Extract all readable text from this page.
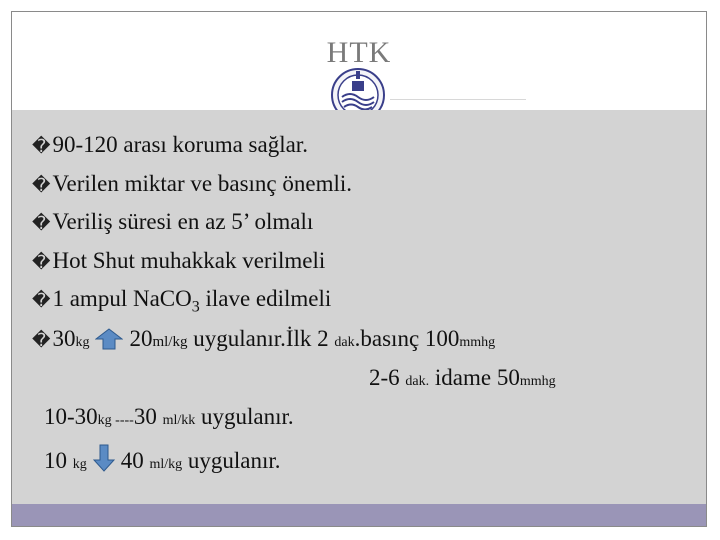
HTK
�90-120 arası koruma sağlar.
�Verilen miktar ve basınç önemli.
�Veriliş süresi en az 5’ olmalı
�Hot Shut muhakkak verilmeli
�1 ampul NaCO$_3$ ilave edilmeli
�30kg 20ml/kg uygulanır.İlk 2 dak.basınç 100mmhg
2-6 dak. idame 50mmhg
10-30kg ----30 ml/kk uygulanır.
10 kg 40 ml/kg uygulanır.
